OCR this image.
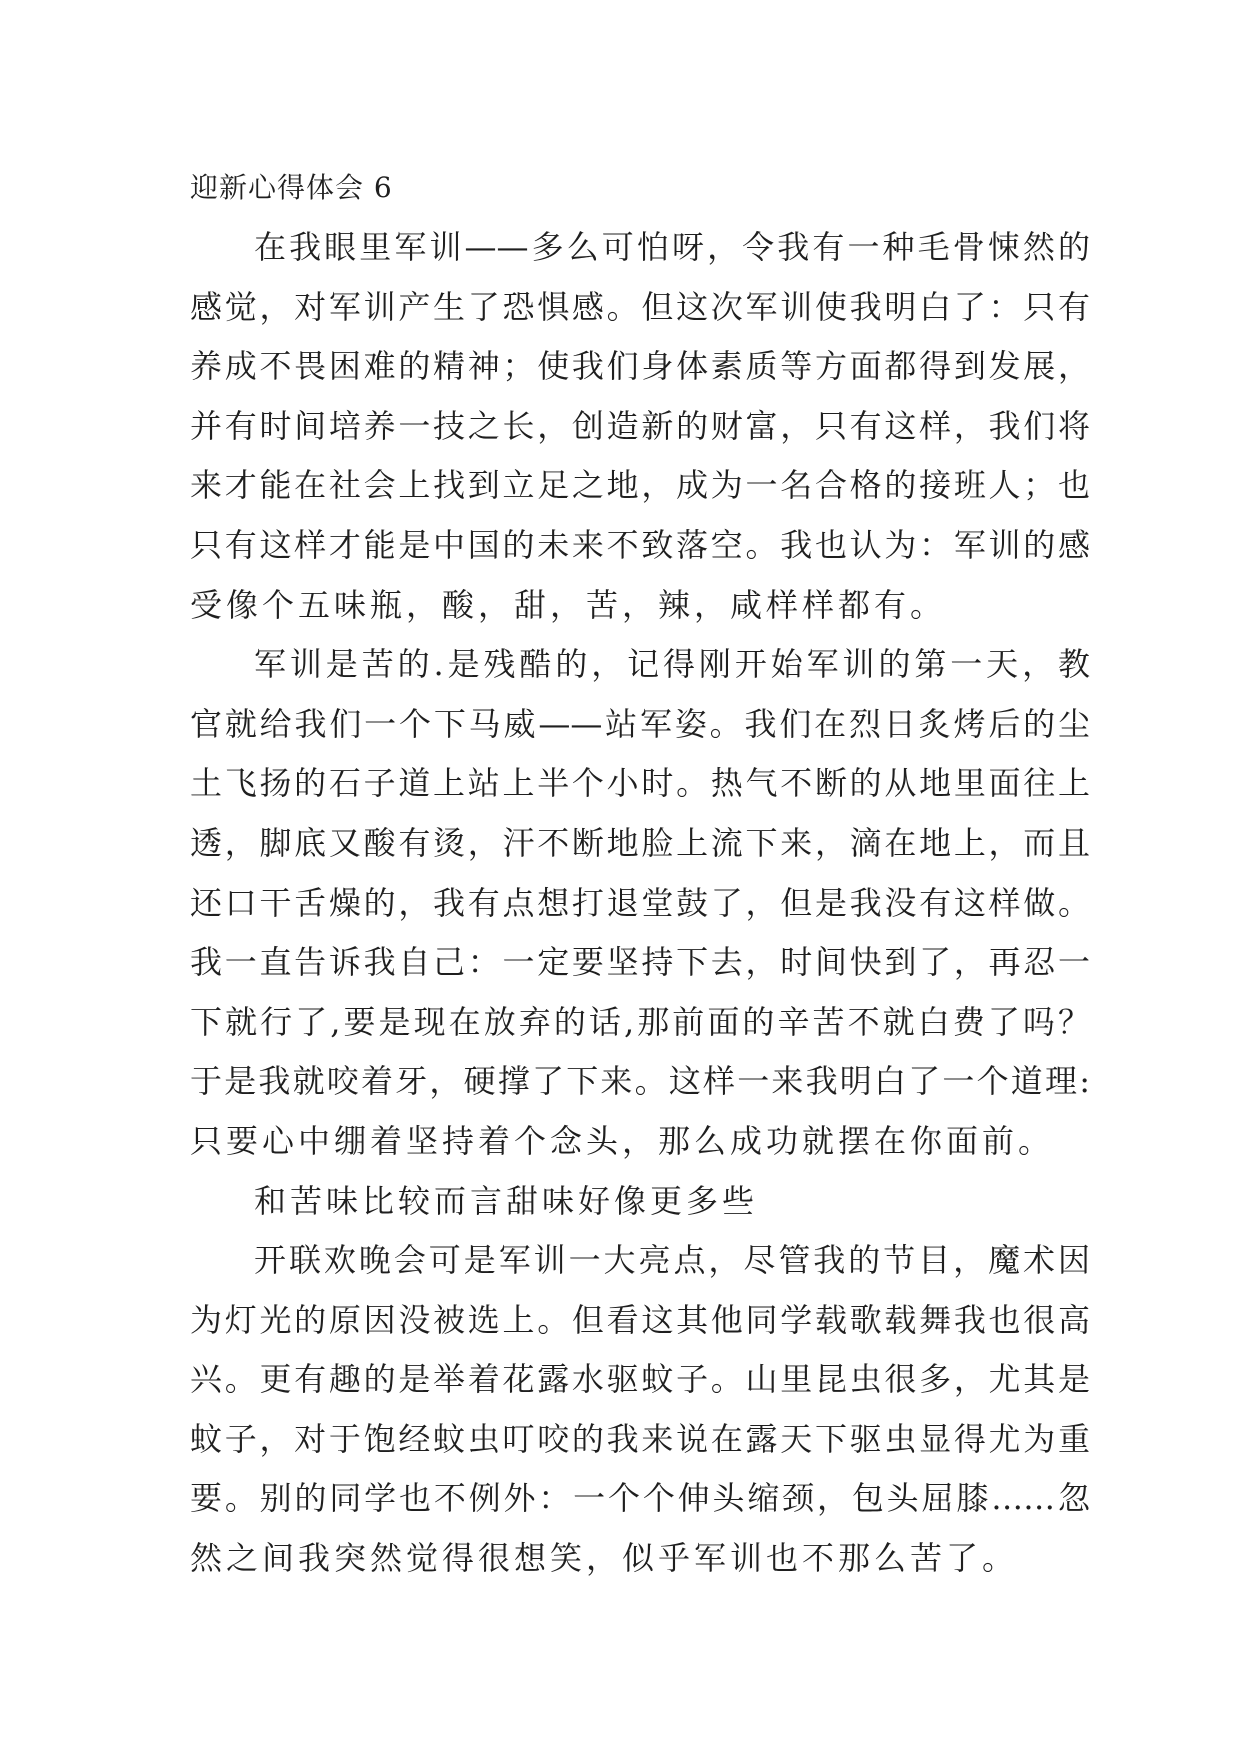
迎新心得体会 6
在我眼里军训——多么可怕呀，令我有一种毛骨悚然的
感觉，对军训产生了恐惧感。但这次军训使我明白了：只有
养成不畏困难的精神；使我们身体素质等方面都得到发展，
并有时间培养一技之长，创造新的财富，只有这样，我们将
来才能在社会上找到立足之地，成为一名合格的接班人；也
只有这样才能是中国的未来不致落空。我也认为：军训的感
受像个五味瓶，酸，甜，苦，辣，咸样样都有。
军训是苦的.是残酷的，记得刚开始军训的第一天，教
官就给我们一个下马威——站军姿。我们在烈日炙烤后的尘
土飞扬的石子道上站上半个小时。热气不断的从地里面往上
透，脚底又酸有烫，汗不断地脸上流下来，滴在地上，而且
还口干舌燥的，我有点想打退堂鼓了，但是我没有这样做。
我一直告诉我自己：一定要坚持下去，时间快到了，再忍一
下就行了,要是现在放弃的话,那前面的辛苦不就白费了吗？
于是我就咬着牙，硬撑了下来。这样一来我明白了一个道理:
只要心中绷着坚持着个念头，那么成功就摆在你面前。
和苦味比较而言甜味好像更多些
开联欢晚会可是军训一大亮点，尽管我的节目，魔术因
为灯光的原因没被选上。但看这其他同学载歌载舞我也很高
兴。更有趣的是举着花露水驱蚊子。山里昆虫很多，尤其是
蚊子，对于饱经蚊虫叮咬的我来说在露天下驱虫显得尤为重
要。别的同学也不例外：一个个伸头缩颈，包头屈膝……忽
然之间我突然觉得很想笑，似乎军训也不那么苦了。
